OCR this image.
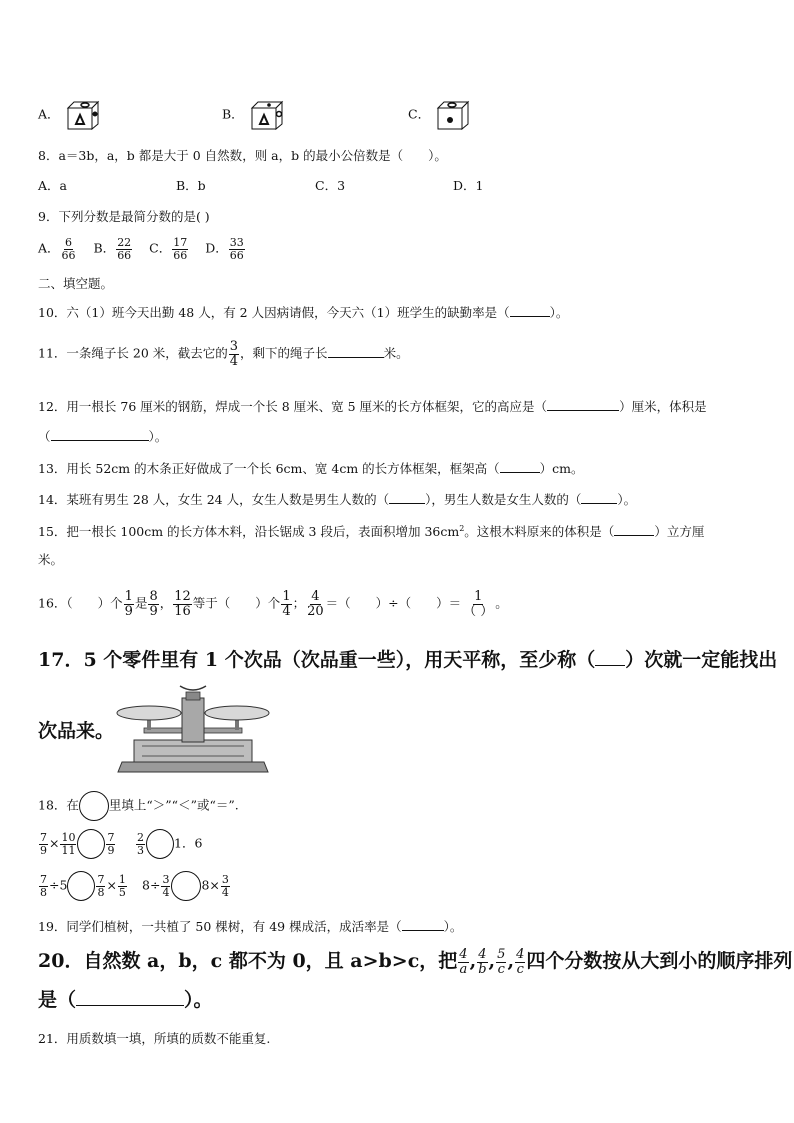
A．	B．	C．
8．a＝3b，a，b 都是大于 0 自然数，则 a，b 的最小公倍数是（　　）。
A．a	B．b	C．3	D．1
9．下列分数是最简分数的是( )
A． $\frac{6}{66}$ B． $\frac{22}{66}$ C． $\frac{17}{66}$ D． $\frac{33}{66}$
二、填空题。
10．六（1）班今天出勤 48 人，有 2 人因病请假，今天六（1）班学生的缺勤率是（	）。
11．一条绳子长 20 米，截去它的 $\frac{3}{4}$ ，剩下的绳子长	米。
12．用一根长 76 厘米的钢筋，焊成一个长 8 厘米、宽 5 厘米的长方体框架，它的高应是（	）厘米，体积是
（	）。
13．用长 52cm 的木条正好做成了一个长 6cm、宽 4cm 的长方体框架，框架高（	）cm。
14．某班有男生 28 人，女生 24 人，女生人数是男生人数的（	），男生人数是女生人数的（	）。
15．把一根长 100cm 的长方体木料，沿长锯成 3 段后，表面积增加 $36cm^2$。这根木料原来的体积是（	）立方厘
米。
16．（　　）个 $\frac{1}{9}$ 是 $\frac{8}{9}$ ， $\frac{12}{16}$ 等于（　　）个 $\frac{1}{4}$ ； $\frac{4}{20}$ ＝（　　）÷（　　）＝ $\frac{1}{( )}$ 。
17．5 个零件里有 1 个次品（次品重一些），用天平称，至少称（ ）次就一定能找出
次品来。
18．在 里填上“＞”“＜”或“＝”.
$\frac{7}{9} \times \frac{10}{11}$	$\frac{7}{9} \frac{2}{3} 1$．6
$\frac{7}{8} \div 5$	$\frac{7}{8} \times \frac{1}{5} 8\div \frac{3}{4} 8\times \frac{3}{4}$
19．同学们植树，一共植了 50 棵树，有 49 棵成活，成活率是（	）。
20．自然数 a，b，c 都不为 0，且 a>b>c，把 $\frac{4}{a}$ , $\frac{4}{b}$ , $\frac{5}{c}$ , $\frac{4}{c}$ 四个分数按从大到小的顺序排列
是（	）。
21．用质数填一填，所填的质数不能重复.
